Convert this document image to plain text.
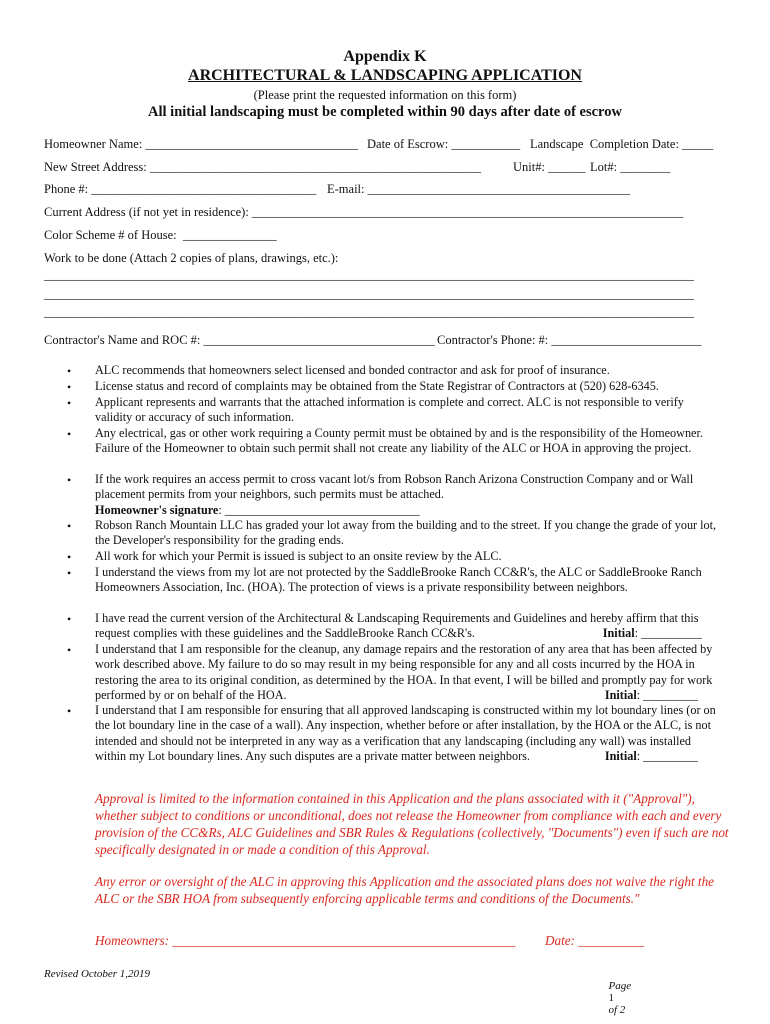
Appendix K
ARCHITECTURAL & LANDSCAPING APPLICATION
(Please print the requested information on this form)
All initial landscaping must be completed within 90 days after date of escrow
Homeowner Name: __________________________________ Date of Escrow: ___________ Landscape  Completion Date: _____
New Street Address: _____________________________________________________	Unit#: ______ Lot#: ________
Phone #: ____________________________________ E-mail: __________________________________________
Current Address (if not yet in residence): _____________________________________________________________________
Color Scheme # of House:  _______________
Work to be done (Attach 2 copies of plans, drawings, etc.):
________________________________________________________________________________________________________
________________________________________________________________________________________________________
________________________________________________________________________________________________________
Contractor's Name and ROC #: _____________________________________ Contractor's Phone: #: ________________________
• ALC recommends that homeowners select licensed and bonded contractor and ask for proof of insurance.
• License status and record of complaints may be obtained from the State Registrar of Contractors at (520) 628-6345.
• Applicant represents and warrants that the attached information is complete and correct. ALC is not responsible to verify validity or accuracy of such information.
• Any electrical, gas or other work requiring a County permit must be obtained by and is the responsibility of the Homeowner. Failure of the Homeowner to obtain such permit shall not create any liability of the ALC or HOA in approving the project.
• If the work requires an access permit to cross vacant lot/s from Robson Ranch Arizona Construction Company and or Wall placement permits from your neighbors, such permits must be attached.
Homeowner's signature: ________________________________
• Robson Ranch Mountain LLC has graded your lot away from the building and to the street. If you change the grade of your lot, the Developer's responsibility for the grading ends.
• All work for which your Permit is issued is subject to an onsite review by the ALC.
• I understand the views from my lot are not protected by the SaddleBrooke Ranch CC&R's, the ALC or SaddleBrooke Ranch Homeowners Association, Inc. (HOA). The protection of views is a private responsibility between neighbors.
• I have read the current version of the Architectural & Landscaping Requirements and Guidelines and hereby affirm that this request complies with these guidelines and the SaddleBrooke Ranch CC&R's.	Initial: __________
• I understand that I am responsible for the cleanup, any damage repairs and the restoration of any area that has been affected by work described above. My failure to do so may result in my being responsible for any and all costs incurred by the HOA in restoring the area to its original condition, as determined by the HOA. In that event, I will be billed and promptly pay for work performed by or on behalf of the HOA.	Initial: _________
• I understand that I am responsible for ensuring that all approved landscaping is constructed within my lot boundary lines (or on the lot boundary line in the case of a wall). Any inspection, whether before or after installation, by the HOA or the ALC, is not intended and should not be interpreted in any way as a verification that any landscaping (including any wall) was installed within my Lot boundary lines. Any such disputes are a private matter between neighbors.	Initial: _________
Approval is limited to the information contained in this Application and the plans associated with it ("Approval"), whether subject to conditions or unconditional, does not release the Homeowner from compliance with each and every provision of the CC&Rs, ALC Guidelines and SBR Rules & Regulations (collectively, "Documents") even if such are not specifically designated in or made a condition of this Approval.
Any error or oversight of the ALC in approving this Application and the associated plans does not waive the right the ALC or the SBR HOA from subsequently enforcing applicable terms and conditions of the Documents."
Homeowners: ____________________________________________________ Date: __________
Revised October 1,2019

Page
1
of 2
